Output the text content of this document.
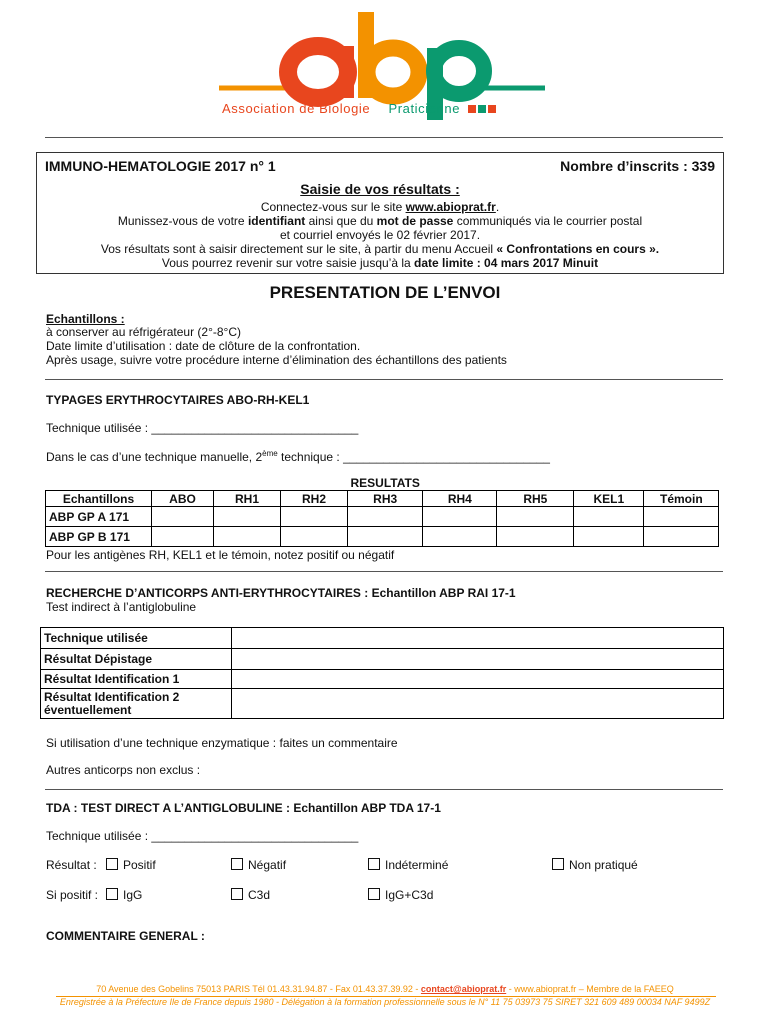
Association de Biologie Praticienne
IMMUNO-HEMATOLOGIE 2017 n° 1	Nombre d’inscrits : 339
Saisie de vos résultats :
Connectez-vous sur le site www.abioprat.fr.
Munissez-vous de votre identifiant ainsi que du mot de passe communiqués via le courrier postal
et courriel envoyés le 02 février 2017.
Vos résultats sont à saisir directement sur le site, à partir du menu Accueil « Confrontations en cours ».
Vous pourrez revenir sur votre saisie jusqu’à la date limite : 04 mars 2017 Minuit
PRESENTATION DE L’ENVOI
Echantillons :
à conserver au réfrigérateur (2°-8°C)
Date limite d’utilisation : date de clôture de la confrontation.
Après usage, suivre votre procédure interne d’élimination des échantillons des patients
TYPAGES ERYTHROCYTAIRES ABO-RH-KEL1
Technique utilisée : _______________________________
Dans le cas d’une technique manuelle, 2ème technique : _______________________________
				RESULTATS				
Echantillons	ABO	RH1	RH2	RH3	RH4	RH5	KEL1	Témoin
ABP GP A 171								
ABP GP B 171								
Pour les antigènes RH, KEL1 et le témoin, notez positif ou négatif
RECHERCHE D’ANTICORPS ANTI-ERYTHROCYTAIRES : Echantillon ABP RAI 17-1
Test indirect à l’antiglobuline
Technique utilisée	
Résultat Dépistage	
Résultat Identification 1	
Résultat Identification 2 éventuellement	
Si utilisation d’une technique enzymatique : faites un commentaire
Autres anticorps non exclus :
TDA : TEST DIRECT A L’ANTIGLOBULINE : Echantillon ABP TDA 17-1
Technique utilisée : _______________________________
Résultat :	Positif	Négatif	Indéterminé	Non pratiqué
Si positif :	IgG	C3d	IgG+C3d
COMMENTAIRE GENERAL :
70 Avenue des Gobelins 75013 PARIS Tél 01.43.31.94.87 - Fax 01.43.37.39.92 - contact@abioprat.fr - www.abioprat.fr – Membre de la FAEEQ
Enregistrée à la Préfecture Ile de France depuis 1980 - Délégation à la formation professionnelle sous le N° 11 75 03973 75 SIRET 321 609 489 00034 NAF 9499Z
